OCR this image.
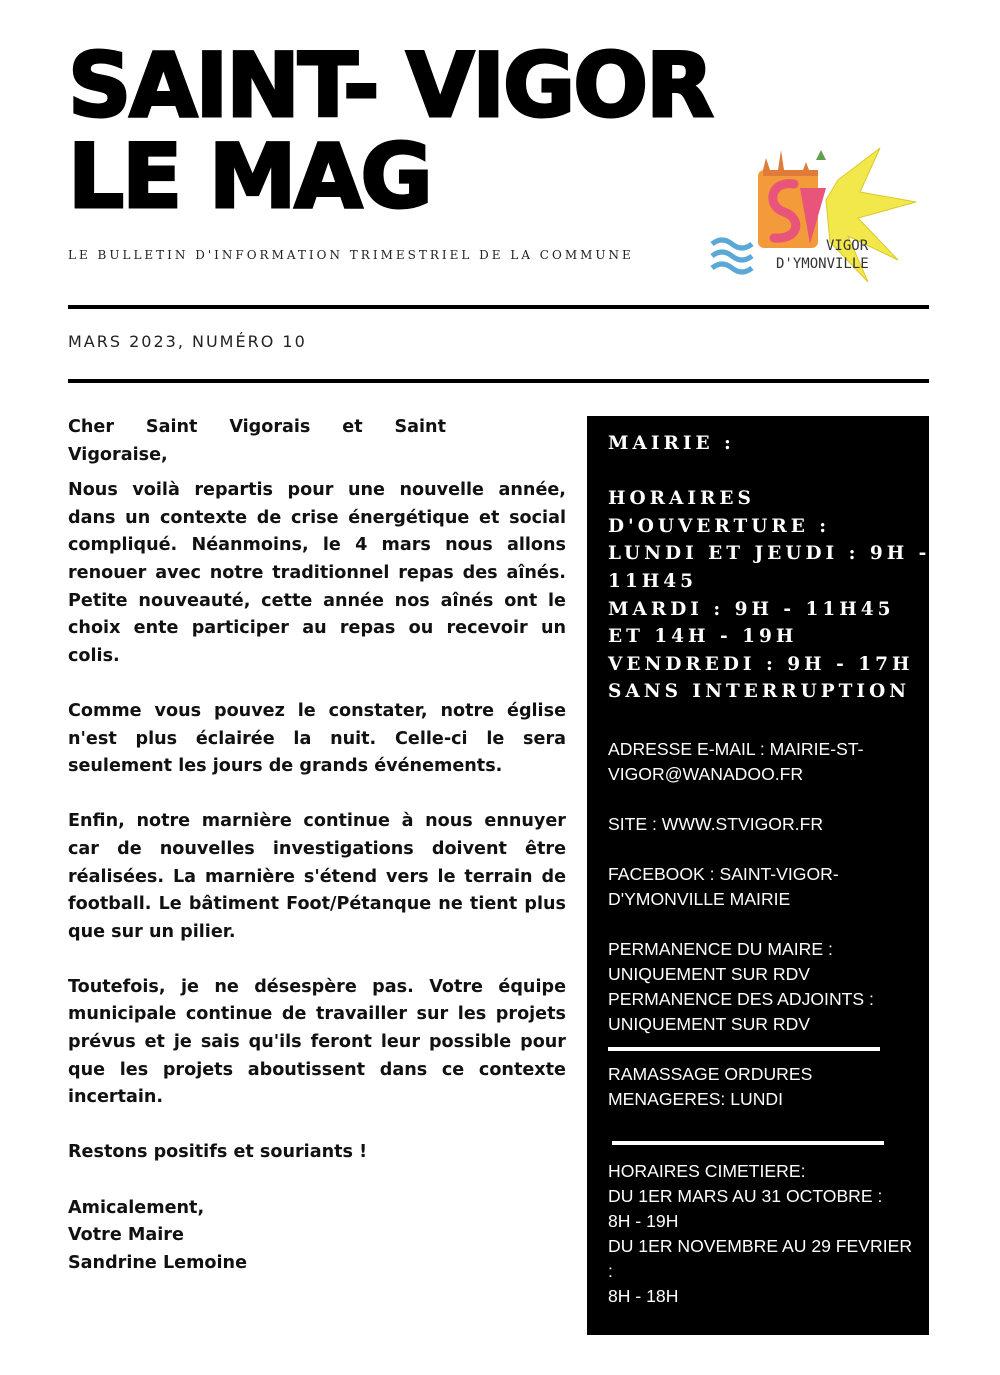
SAINT- VIGOR
LE MAG
LE BULLETIN D'INFORMATION TRIMESTRIEL DE LA COMMUNE
VIGOR
D'YMONVILLE
MARS 2023, NUMÉRO 10

Cher Saint Vigorais et Saint Vigoraise,

Nous voilà repartis pour une nouvelle année, dans un contexte de crise énergétique et social compliqué. Néanmoins, le 4 mars nous allons renouer avec notre traditionnel repas des aînés. Petite nouveauté, cette année nos aînés ont le choix ente participer au repas ou recevoir un colis.

Comme vous pouvez le constater, notre église n'est plus éclairée la nuit. Celle-ci le sera seulement les jours de grands événements.

Enfin, notre marnière continue à nous ennuyer car de nouvelles investigations doivent être réalisées. La marnière s'étend vers le terrain de football. Le bâtiment Foot/Pétanque ne tient plus que sur un pilier.

Toutefois, je ne désespère pas. Votre équipe municipale continue de travailler sur les projets prévus et je sais qu'ils feront leur possible pour que les projets aboutissent dans ce contexte incertain.

Restons positifs et souriants !

Amicalement,

Votre Maire

Sandrine Lemoine

MAIRIE :
HORAIRES
D'OUVERTURE :
LUNDI ET JEUDI : 9H -
11H45
MARDI : 9H - 11H45
ET 14H - 19H
VENDREDI : 9H - 17H
SANS INTERRUPTION

ADRESSE E-MAIL : MAIRIE-ST-VIGOR@WANADOO.FR

SITE : WWW.STVIGOR.FR

FACEBOOK : SAINT-VIGOR-D'YMONVILLE MAIRIE

PERMANENCE DU MAIRE :

UNIQUEMENT SUR RDV

PERMANENCE DES ADJOINTS :

UNIQUEMENT SUR RDV

RAMASSAGE ORDURES MENAGERES: LUNDI

HORAIRES CIMETIERE:

DU 1ER MARS AU 31 OCTOBRE :

8H - 19H

DU 1ER NOVEMBRE AU 29 FEVRIER :

8H - 18H
